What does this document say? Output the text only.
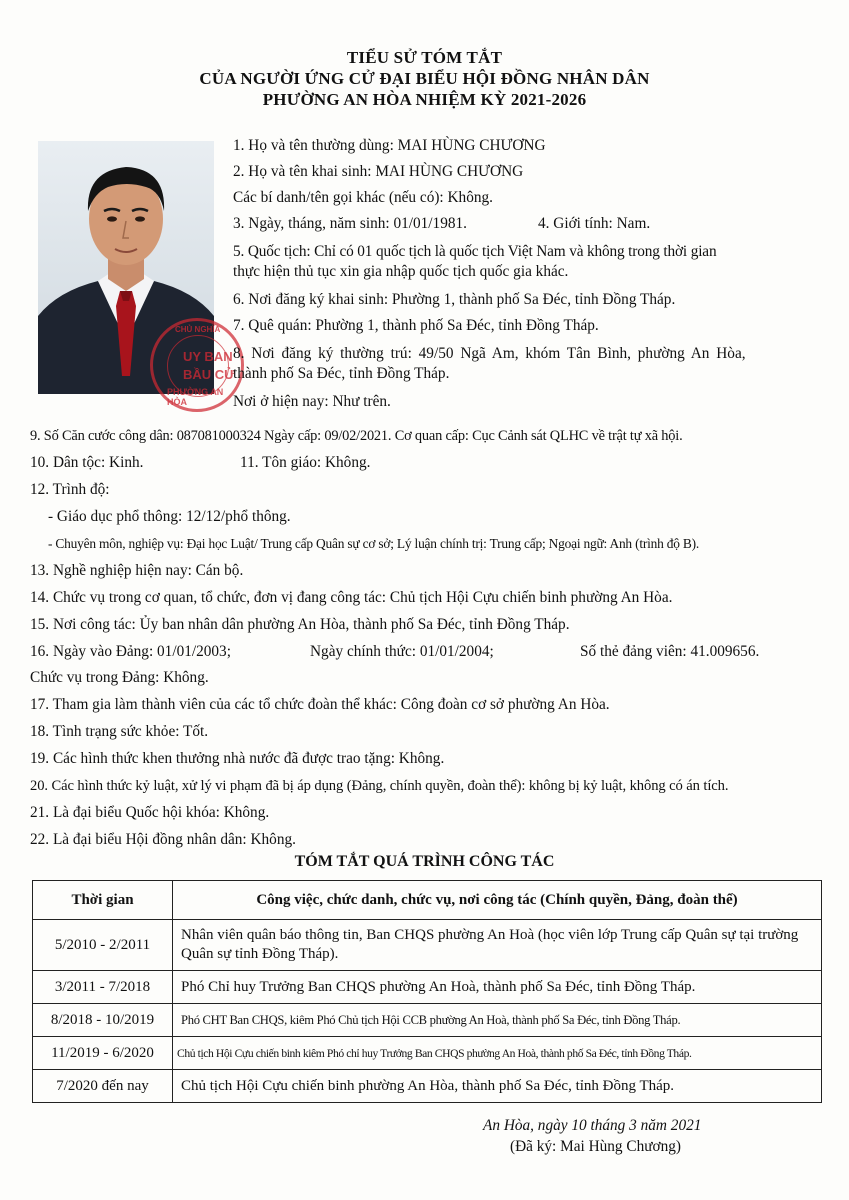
TIỂU SỬ TÓM TẮT
CỦA NGƯỜI ỨNG CỬ ĐẠI BIỂU HỘI ĐỒNG NHÂN DÂN
PHƯỜNG AN HÒA NHIỆM KỲ 2021-2026
CHỦ NGHĨA
UY BAN
BẦU CỬ
PHƯỜNG AN HÒA
1. Họ và tên thường dùng: MAI HÙNG CHƯƠNG
2. Họ và tên khai sinh: MAI HÙNG CHƯƠNG
Các bí danh/tên gọi khác (nếu có): Không.
3. Ngày, tháng, năm sinh: 01/01/1981.	4. Giới tính: Nam.
5. Quốc tịch: Chỉ có 01 quốc tịch là quốc tịch Việt Nam và không trong thời gian
thực hiện thủ tục xin gia nhập quốc tịch quốc gia khác.
6. Nơi đăng ký khai sinh: Phường 1, thành phố Sa Đéc, tỉnh Đồng Tháp.
7. Quê quán: Phường 1, thành phố Sa Đéc, tỉnh Đồng Tháp.
8. Nơi đăng ký thường trú: 49/50 Ngã Am, khóm Tân Bình, phường An Hòa,
thành phố Sa Đéc, tỉnh Đồng Tháp.
Nơi ở hiện nay: Như trên.
9. Số Căn cước công dân: 087081000324 Ngày cấp: 09/02/2021. Cơ quan cấp: Cục Cảnh sát QLHC về trật tự xã hội.
10. Dân tộc: Kinh.	11. Tôn giáo: Không.
12. Trình độ:
- Giáo dục phổ thông: 12/12/phổ thông.
- Chuyên môn, nghiệp vụ: Đại học Luật/ Trung cấp Quân sự cơ sở; Lý luận chính trị: Trung cấp; Ngoại ngữ: Anh (trình độ B).
13. Nghề nghiệp hiện nay: Cán bộ.
14. Chức vụ trong cơ quan, tổ chức, đơn vị đang công tác: Chủ tịch Hội Cựu chiến binh phường An Hòa.
15. Nơi công tác: Ủy ban nhân dân phường An Hòa, thành phố Sa Đéc, tỉnh Đồng Tháp.
16. Ngày vào Đảng: 01/01/2003;	Ngày chính thức: 01/01/2004;	Số thẻ đảng viên: 41.009656.
Chức vụ trong Đảng: Không.
17. Tham gia làm thành viên của các tổ chức đoàn thể khác: Công đoàn cơ sở phường An Hòa.
18. Tình trạng sức khỏe: Tốt.
19. Các hình thức khen thưởng nhà nước đã được trao tặng: Không.
20. Các hình thức kỷ luật, xử lý vi phạm đã bị áp dụng (Đảng, chính quyền, đoàn thể): không bị kỷ luật, không có án tích.
21. Là đại biểu Quốc hội khóa: Không.
22. Là đại biểu Hội đồng nhân dân: Không.
TÓM TẮT QUÁ TRÌNH CÔNG TÁC
Thời gian	Công việc, chức danh, chức vụ, nơi công tác (Chính quyền, Đảng, đoàn thể)
5/2010 - 2/2011	Nhân viên quân báo thông tin, Ban CHQS phường An Hoà (học viên lớp Trung cấp Quân sự tại trường Quân sự tỉnh Đồng Tháp).
3/2011 - 7/2018	Phó Chỉ huy Trưởng Ban CHQS phường An Hoà, thành phố Sa Đéc, tỉnh Đồng Tháp.
8/2018 - 10/2019	Phó CHT Ban CHQS, kiêm Phó Chủ tịch Hội CCB phường An Hoà, thành phố Sa Đéc, tỉnh Đồng Tháp.
11/2019 - 6/2020	Chủ tịch Hội Cựu chiến binh kiêm Phó chỉ huy Trưởng Ban CHQS phường An Hoà, thành phố Sa Đéc, tỉnh Đồng Tháp.
7/2020 đến nay	Chủ tịch Hội Cựu chiến binh phường An Hòa, thành phố Sa Đéc, tỉnh Đồng Tháp.
An Hòa, ngày 10 tháng 3 năm 2021
(Đã ký: Mai Hùng Chương)
